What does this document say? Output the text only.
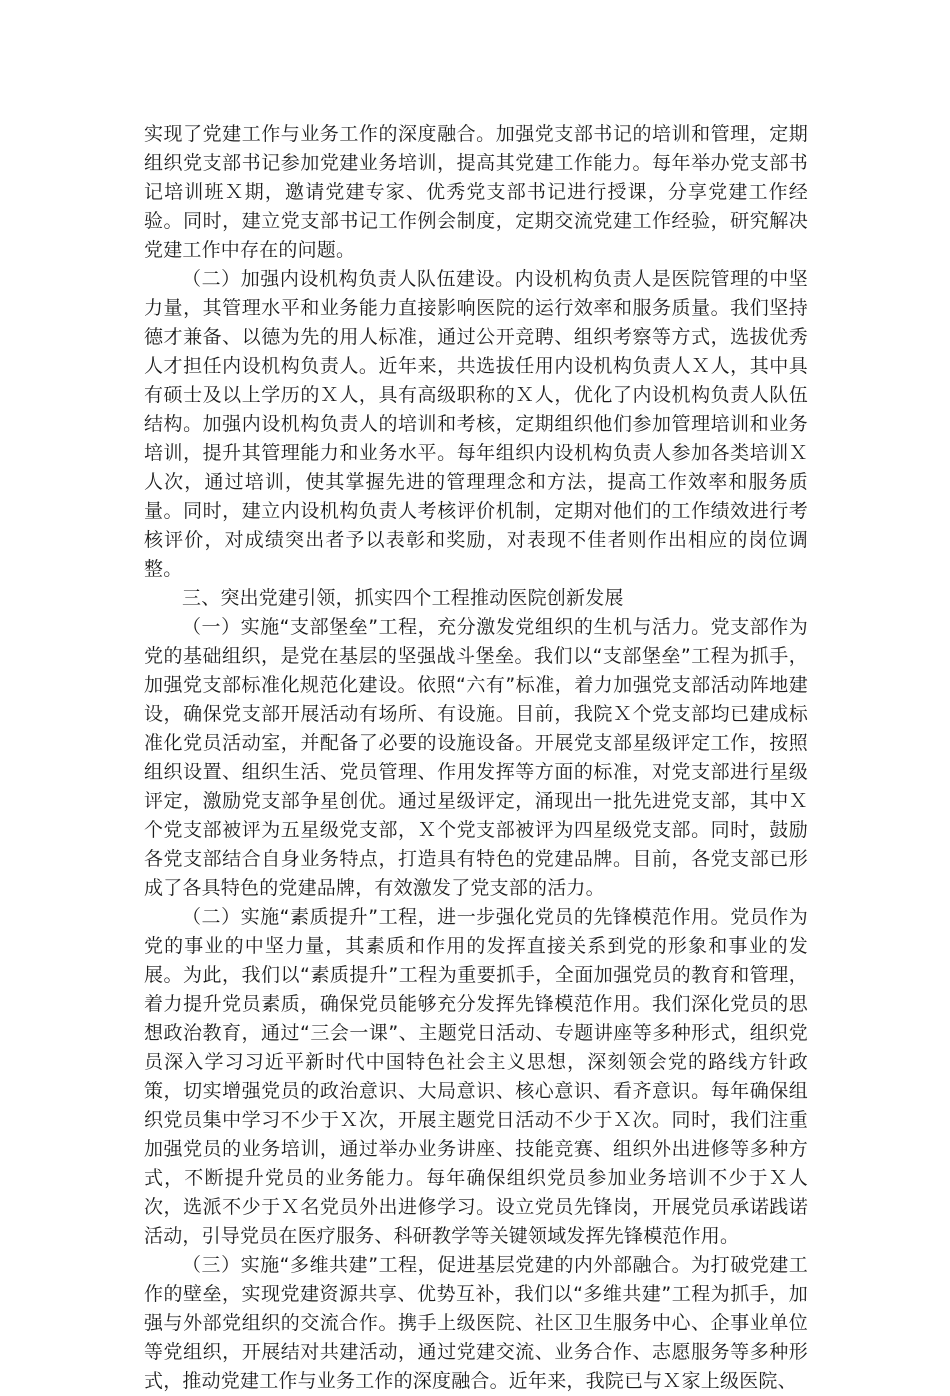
实现了党建工作与业务工作的深度融合。加强党支部书记的培训和管理，定期组织党支部书记参加党建业务培训，提高其党建工作能力。每年举办党支部书记培训班Ｘ期，邀请党建专家、优秀党支部书记进行授课，分享党建工作经验。同时，建立党支部书记工作例会制度，定期交流党建工作经验，研究解决党建工作中存在的问题。

（二）加强内设机构负责人队伍建设。内设机构负责人是医院管理的中坚力量，其管理水平和业务能力直接影响医院的运行效率和服务质量。我们坚持德才兼备、以德为先的用人标准，通过公开竞聘、组织考察等方式，选拔优秀人才担任内设机构负责人。近年来，共选拔任用内设机构负责人Ｘ人，其中具有硕士及以上学历的Ｘ人，具有高级职称的Ｘ人，优化了内设机构负责人队伍结构。加强内设机构负责人的培训和考核，定期组织他们参加管理培训和业务培训，提升其管理能力和业务水平。每年组织内设机构负责人参加各类培训Ｘ人次，通过培训，使其掌握先进的管理理念和方法，提高工作效率和服务质量。同时，建立内设机构负责人考核评价机制，定期对他们的工作绩效进行考核评价，对成绩突出者予以表彰和奖励，对表现不佳者则作出相应的岗位调整。

三、突出党建引领，抓实四个工程推动医院创新发展

（一）实施“支部堡垒”工程，充分激发党组织的生机与活力。党支部作为党的基础组织，是党在基层的坚强战斗堡垒。我们以“支部堡垒”工程为抓手，加强党支部标准化规范化建设。依照“六有”标准，着力加强党支部活动阵地建设，确保党支部开展活动有场所、有设施。目前，我院Ｘ个党支部均已建成标准化党员活动室，并配备了必要的设施设备。开展党支部星级评定工作，按照组织设置、组织生活、党员管理、作用发挥等方面的标准，对党支部进行星级评定，激励党支部争星创优。通过星级评定，涌现出一批先进党支部，其中Ｘ个党支部被评为五星级党支部，Ｘ个党支部被评为四星级党支部。同时，鼓励各党支部结合自身业务特点，打造具有特色的党建品牌。目前，各党支部已形成了各具特色的党建品牌，有效激发了党支部的活力。

（二）实施“素质提升”工程，进一步强化党员的先锋模范作用。党员作为党的事业的中坚力量，其素质和作用的发挥直接关系到党的形象和事业的发展。为此，我们以“素质提升”工程为重要抓手，全面加强党员的教育和管理，着力提升党员素质，确保党员能够充分发挥先锋模范作用。我们深化党员的思想政治教育，通过“三会一课”、主题党日活动、专题讲座等多种形式，组织党员深入学习习近平新时代中国特色社会主义思想，深刻领会党的路线方针政策，切实增强党员的政治意识、大局意识、核心意识、看齐意识。每年确保组织党员集中学习不少于Ｘ次，开展主题党日活动不少于Ｘ次。同时，我们注重加强党员的业务培训，通过举办业务讲座、技能竞赛、组织外出进修等多种方式，不断提升党员的业务能力。每年确保组织党员参加业务培训不少于Ｘ人次，选派不少于Ｘ名党员外出进修学习。设立党员先锋岗，开展党员承诺践诺活动，引导党员在医疗服务、科研教学等关键领域发挥先锋模范作用。

（三）实施“多维共建”工程，促进基层党建的内外部融合。为打破党建工作的壁垒，实现党建资源共享、优势互补，我们以“多维共建”工程为抓手，加强与外部党组织的交流合作。携手上级医院、社区卫生服务中心、企事业单位等党组织，开展结对共建活动，通过党建交流、业务合作、志愿服务等多种形式，推动党建工作与业务工作的深度融合。近年来，我院已与Ｘ家上级医院、
